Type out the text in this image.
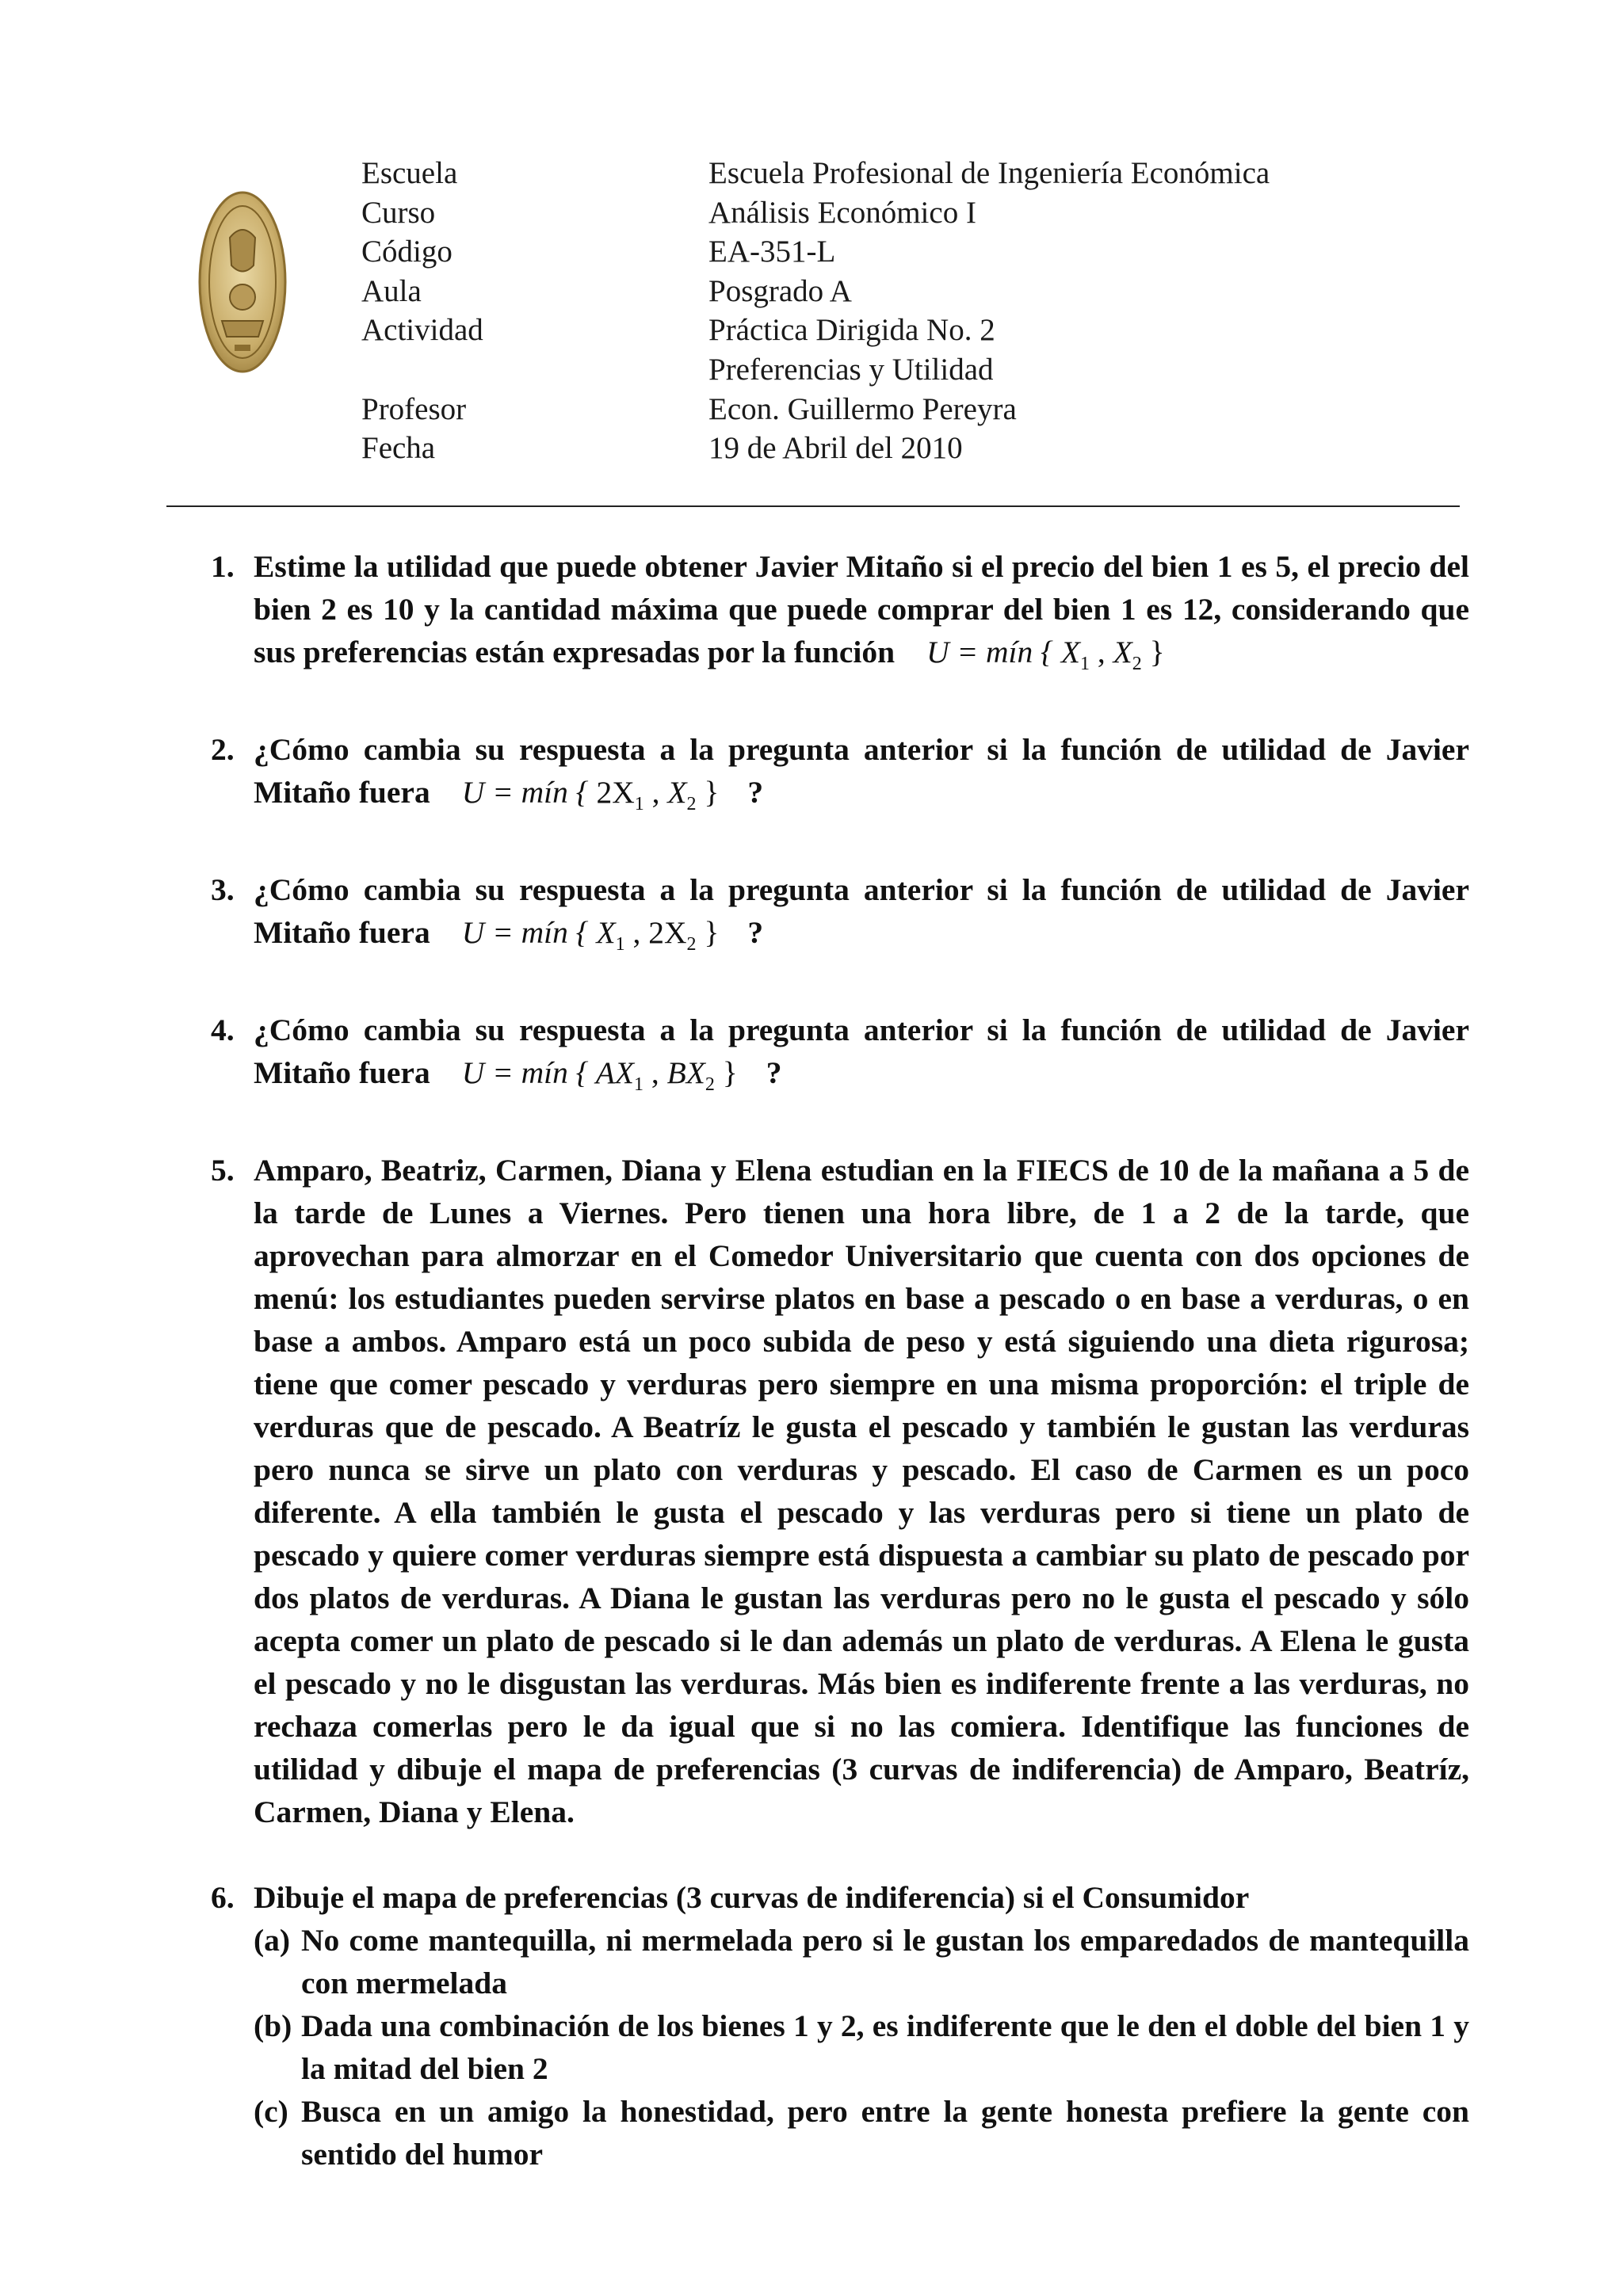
Escuela	Escuela Profesional de Ingeniería Económica
Curso	Análisis Económico I
Código	EA-351-L
Aula	Posgrado A
Actividad	Práctica Dirigida No. 2
Preferencias y Utilidad
Profesor	Econ. Guillermo Pereyra
Fecha	19 de Abril del 2010
1. Estime la utilidad que puede obtener Javier Mitaño si el precio del bien 1 es 5, el precio del bien 2 es 10 y la cantidad máxima que puede comprar del bien 1 es 12, considerando que sus preferencias están expresadas por la función U = mín { $X_1$ , $X_2$ }
2. ¿Cómo cambia su respuesta a la pregunta anterior si la función de utilidad de Javier Mitaño fuera U = mín { $2X_1$ , $X_2$ } ?
3. ¿Cómo cambia su respuesta a la pregunta anterior si la función de utilidad de Javier Mitaño fuera U = mín { $X_1$ , $2X_2$ } ?
4. ¿Cómo cambia su respuesta a la pregunta anterior si la función de utilidad de Javier Mitaño fuera U = mín { $AX_1$ , $BX_2$ } ?
5. Amparo, Beatriz, Carmen, Diana y Elena estudian en la FIECS de 10 de la mañana a 5 de la tarde de Lunes a Viernes. Pero tienen una hora libre, de 1 a 2 de la tarde, que aprovechan para almorzar en el Comedor Universitario que cuenta con dos opciones de menú: los estudiantes pueden servirse platos en base a pescado o en base a verduras, o en base a ambos. Amparo está un poco subida de peso y está siguiendo una dieta rigurosa; tiene que comer pescado y verduras pero siempre en una misma proporción: el triple de verduras que de pescado. A Beatríz le gusta el pescado y también le gustan las verduras pero nunca se sirve un plato con verduras y pescado. El caso de Carmen es un poco diferente. A ella también le gusta el pescado y las verduras pero si tiene un plato de pescado y quiere comer verduras siempre está dispuesta a cambiar su plato de pescado por dos platos de verduras. A Diana le gustan las verduras pero no le gusta el pescado y sólo acepta comer un plato de pescado si le dan además un plato de verduras. A Elena le gusta el pescado y no le disgustan las verduras. Más bien es indiferente frente a las verduras, no rechaza comerlas pero le da igual que si no las comiera. Identifique las funciones de utilidad y dibuje el mapa de preferencias (3 curvas de indiferencia) de Amparo, Beatríz, Carmen, Diana y Elena.
6. Dibuje el mapa de preferencias (3 curvas de indiferencia) si el Consumidor
(a) No come mantequilla, ni mermelada pero si le gustan los emparedados de mantequilla con mermelada
(b) Dada una combinación de los bienes 1 y 2, es indiferente que le den el doble del bien 1 y la mitad del bien 2
(c) Busca en un amigo la honestidad, pero entre la gente honesta prefiere la gente con sentido del humor
